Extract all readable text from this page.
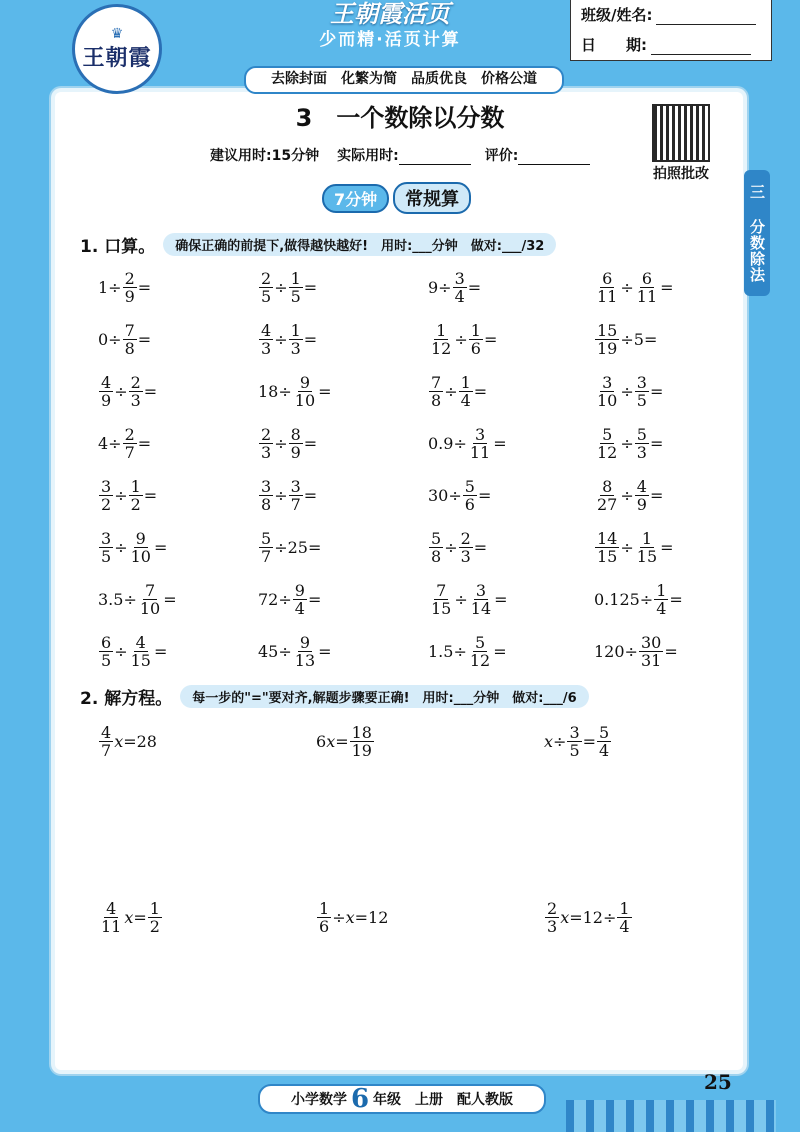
♛
王朝霞
王朝霞活页
少而精·活页计算
班级/姓名:
日　　期:
去除封面　化繁为简　品质优良　价格公道
3　一个数除以分数
建议用时:15分钟 实际用时:	评价:
拍照批改
三 分数除法
7分钟	常规算
1. 口算。	确保正确的前提下,做得越快越好!　用时:___分钟　做对:___/32
$1\div \frac{2}{9}$ =	$\frac{2}{5} \div \frac{1}{5}$ =	$9\div \frac{3}{4}$ =	$\frac{6}{11} \div \frac{6}{11}$ =
$0\div \frac{7}{8}$ =	$\frac{4}{3} \div \frac{1}{3}$ =	$\frac{1}{12} \div \frac{1}{6}$ =	$\frac{15}{19} \div 5=$
$\frac{4}{9} \div \frac{2}{3}$ =	$18\div \frac{9}{10}$ =	$\frac{7}{8} \div \frac{1}{4}$ =	$\frac{3}{10} \div \frac{3}{5}$ =
$4\div \frac{2}{7}$ =	$\frac{2}{3} \div \frac{8}{9}$ =	$0.9\div \frac{3}{11}$ =	$\frac{5}{12} \div \frac{5}{3}$ =
$\frac{3}{2} \div \frac{1}{2}$ =	$\frac{3}{8} \div \frac{3}{7}$ =	$30\div \frac{5}{6}$ =	$\frac{8}{27} \div \frac{4}{9}$ =
$\frac{3}{5} \div \frac{9}{10}$ =	$\frac{5}{7} \div 25=$	$\frac{5}{8} \div \frac{2}{3}$ =	$\frac{14}{15} \div \frac{1}{15}$ =
$3.5\div \frac{7}{10}$ =	$72\div \frac{9}{4}$ =	$\frac{7}{15} \div \frac{3}{14}$ =	$0.125\div \frac{1}{4}$ =
$\frac{6}{5} \div \frac{4}{15}$ =	$45\div \frac{9}{13}$ =	$1.5\div \frac{5}{12}$ =	$120\div \frac{30}{31}$ =
2. 解方程。	每一步的"="要对齐,解题步骤要正确!　用时:___分钟　做对:___/6
$\frac{4}{7}$ x =28	6 $x = \frac{18}{19}$	$x \div \frac{3}{5} = \frac{5}{4}$
$\frac{4}{11}$ $x = \frac{1}{2}$	$\frac{1}{6} \div x =12$	$\frac{2}{3}$ $x =12\div \frac{1}{4}$
25
小学数学 6 年级　上册　配人教版
